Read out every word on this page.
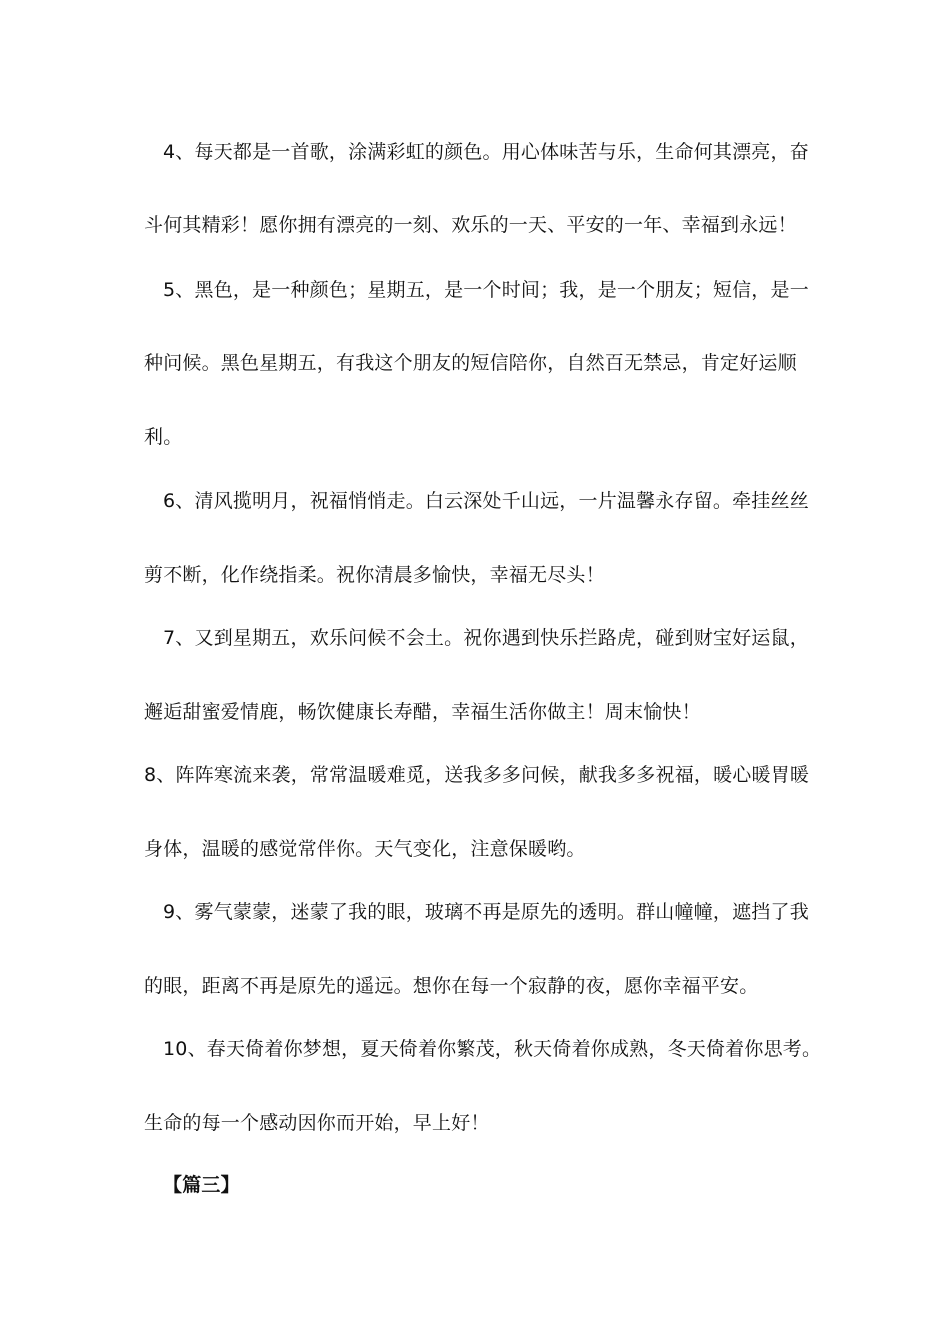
4、每天都是一首歌，涂满彩虹的颜色。用心体味苦与乐，生命何其漂亮，奋
斗何其精彩！愿你拥有漂亮的一刻、欢乐的一天、平安的一年、幸福到永远！
5、黑色，是一种颜色；星期五，是一个时间；我，是一个朋友；短信，是一
种问候。黑色星期五，有我这个朋友的短信陪你，自然百无禁忌，肯定好运顺
利。
6、清风揽明月，祝福悄悄走。白云深处千山远，一片温馨永存留。牵挂丝丝
剪不断，化作绕指柔。祝你清晨多愉快，幸福无尽头！
7、又到星期五，欢乐问候不会土。祝你遇到快乐拦路虎，碰到财宝好运鼠，
邂逅甜蜜爱情鹿，畅饮健康长寿醋，幸福生活你做主！周末愉快！
8、阵阵寒流来袭，常常温暖难觅，送我多多问候，献我多多祝福，暖心暖胃暖
身体，温暖的感觉常伴你。天气变化，注意保暖哟。
9、雾气蒙蒙，迷蒙了我的眼，玻璃不再是原先的透明。群山幢幢，遮挡了我
的眼，距离不再是原先的遥远。想你在每一个寂静的夜，愿你幸福平安。
10、春天倚着你梦想，夏天倚着你繁茂，秋天倚着你成熟，冬天倚着你思考。
生命的每一个感动因你而开始，早上好！
【篇三】
